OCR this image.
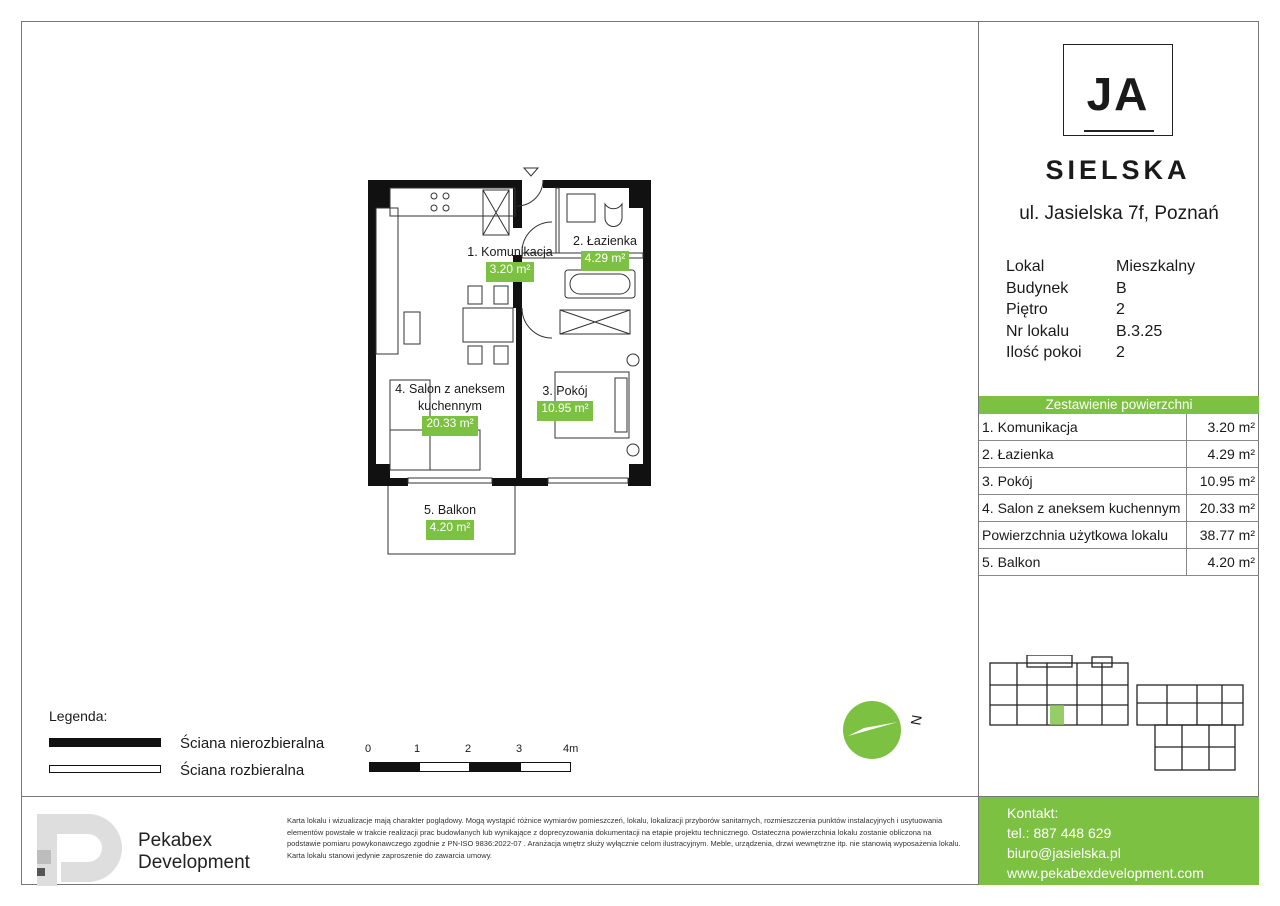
JA
SIELSKA
ul. Jasielska 7f, Poznań
Lokal	Mieszkalny
Budynek	B
Piętro	2
Nr lokalu	B.3.25
Ilość pokoi	2
Zestawienie powierzchni
1. Komunikacja	3.20 m²
2. Łazienka	4.29 m²
3. Pokój	10.95 m²
4. Salon z aneksem kuchennym	20.33 m²
Powierzchnia użytkowa lokalu	38.77 m²
5. Balkon	4.20 m²
Kontakt:
tel.: 887 448 629
biuro@jasielska.pl
www.pekabexdevelopment.com
Pekabex
Development
Karta lokalu i wizualizacje mają charakter poglądowy. Mogą wystąpić różnice wymiarów pomieszczeń, lokalu, lokalizacji przyborów sanitarnych, rozmieszczenia punktów instalacyjnych i usytuowania elementów powstałe w trakcie realizacji prac budowlanych lub wynikające z doprecyzowania dokumentacji na etapie projektu technicznego. Ostateczna powierzchnia lokalu zostanie obliczona na podstawie pomiaru powykonawczego zgodnie z PN-ISO 9836:2022-07 . Aranżacja wnętrz służy wyłącznie celom ilustracyjnym. Meble, urządzenia, drzwi wewnętrzne itp. nie stanowią wyposażenia lokalu. Karta lokalu stanowi jedynie zaproszenie do zawarcia umowy.
Legenda:
Ściana nierozbieralna
Ściana rozbieralna
0	1	2	3	4m
N
1. Komunikacja
3.20 m²
2. Łazienka
4.29 m²
3. Pokój
10.95 m²
4. Salon z aneksem
kuchennym
20.33 m²
5. Balkon
4.20 m²
